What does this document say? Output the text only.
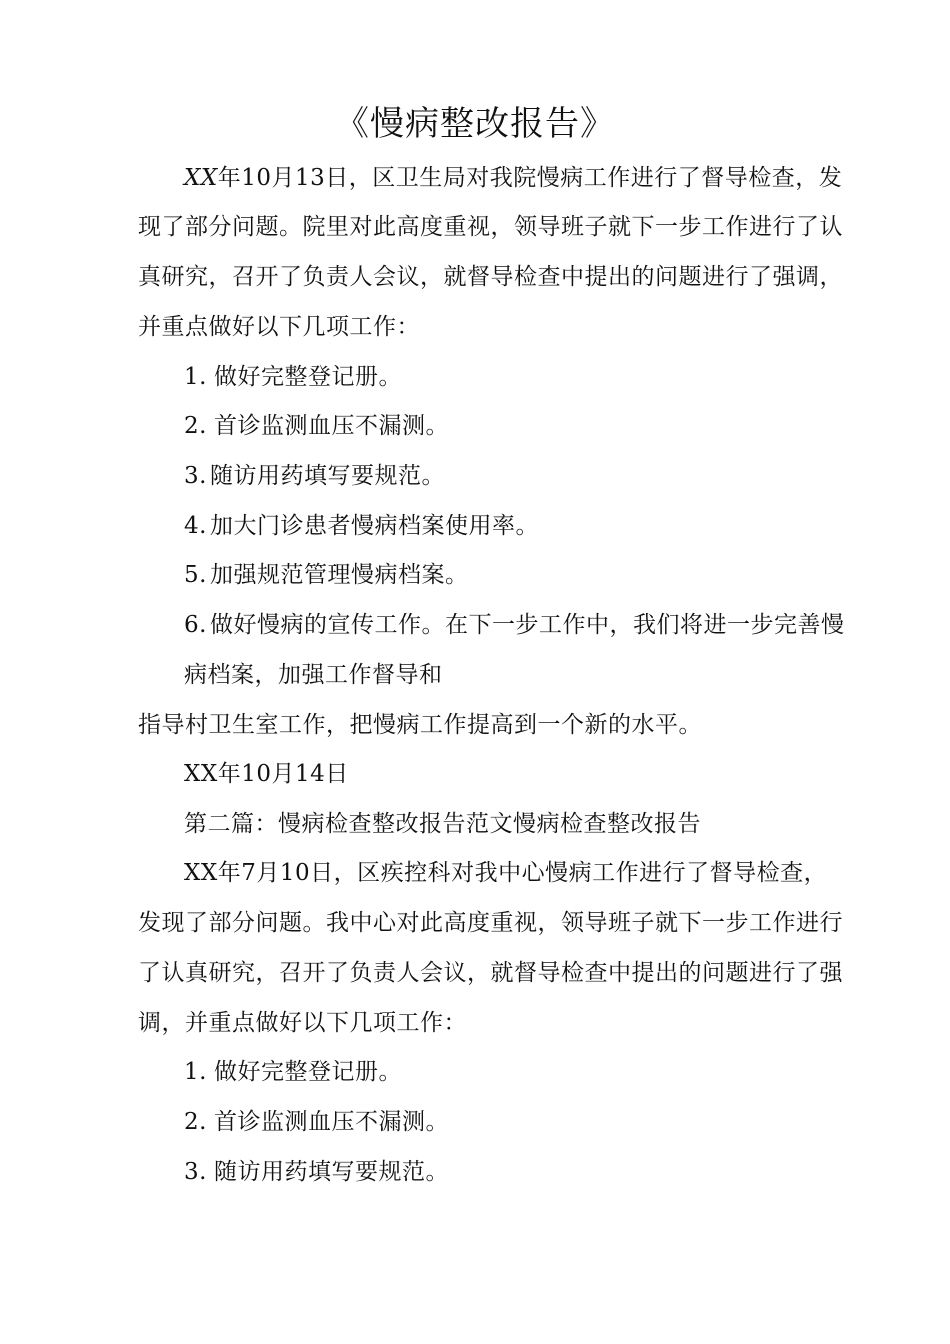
《慢病整改报告》
XX年10月13日，区卫生局对我院慢病工作进行了督导检查，发
现了部分问题。院里对此高度重视，领导班子就下一步工作进行了认
真研究，召开了负责人会议，就督导检查中提出的问题进行了强调，
并重点做好以下几项工作：
1. 做好完整登记册。
2. 首诊监测血压不漏测。
3. 随访用药填写要规范。
4. 加大门诊患者慢病档案使用率。
5. 加强规范管理慢病档案。
6. 做好慢病的宣传工作。在下一步工作中，我们将进一步完善慢
病档案，加强工作督导和
指导村卫生室工作，把慢病工作提高到一个新的水平。
XX年10月14日
第二篇：慢病检查整改报告范文慢病检查整改报告
XX年7月10日，区疾控科对我中心慢病工作进行了督导检查，
发现了部分问题。我中心对此高度重视，领导班子就下一步工作进行
了认真研究，召开了负责人会议，就督导检查中提出的问题进行了强
调，并重点做好以下几项工作：
1. 做好完整登记册。
2. 首诊监测血压不漏测。
3. 随访用药填写要规范。
